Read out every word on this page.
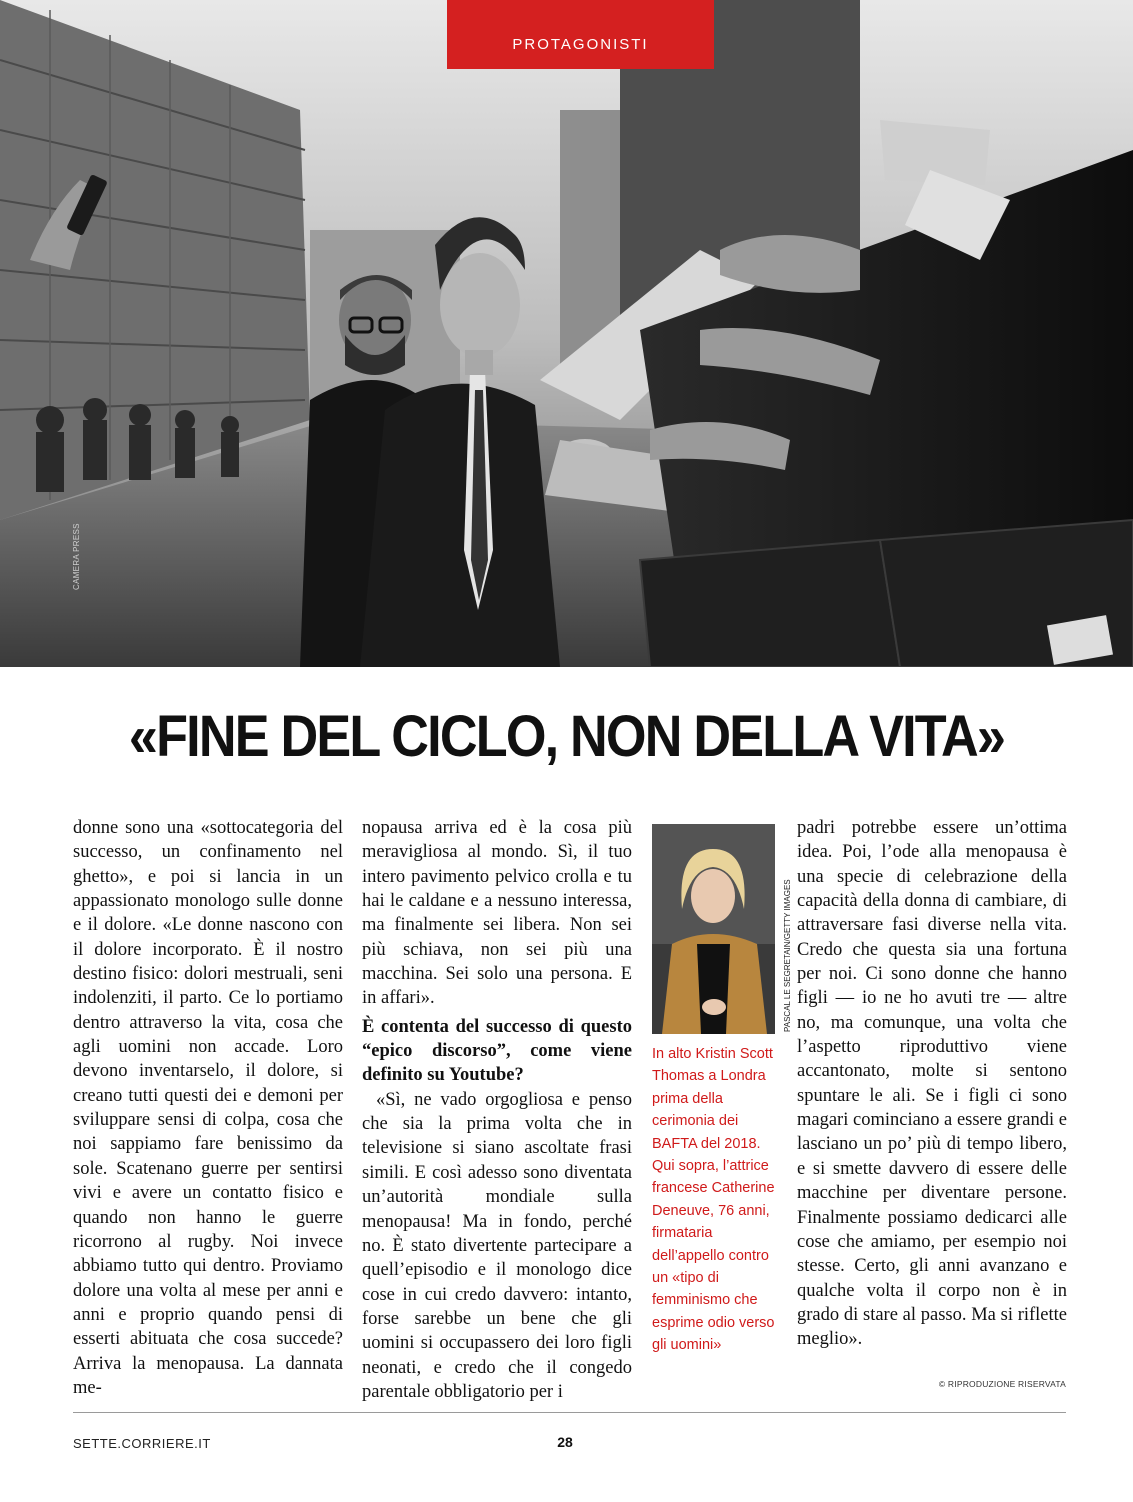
PROTAGONISTI
CAMERA PRESS
«FINE DEL CICLO, NON DELLA VITA»

donne sono una «sottocategoria del successo, un confinamento nel ghetto», e poi si lancia in un appassionato monologo sulle donne e il dolore. «Le donne nascono con il dolore incorporato. È il nostro destino fisico: dolori mestruali, seni indolenziti, il parto. Ce lo portiamo dentro attraverso la vita, cosa che agli uomini non accade. Loro devono inventarselo, il dolore, si creano tutti questi dei e demoni per sviluppare sensi di colpa, cosa che noi sappiamo fare benissimo da sole. Scatenano guerre per sentirsi vivi e avere un contatto fisico e quando non hanno le guerre ricorrono al rugby. Noi invece abbiamo tutto qui dentro. Proviamo dolore una volta al mese per anni e anni e proprio quando pensi di esserti abituata che cosa succede? Arriva la menopausa. La dannata me-

nopausa arriva ed è la cosa più meravigliosa al mondo. Sì, il tuo intero pavimento pelvico crolla e tu hai le caldane e a nessuno interessa, ma finalmente sei libera. Non sei più schiava, non sei più una macchina. Sei solo una persona. E in affari».

È contenta del successo di questo “epico discorso”, come viene definito su Youtube?

«Sì, ne vado orgogliosa e penso che sia la prima volta che in televisione si siano ascoltate frasi simili. E così adesso sono diventata un’autorità mondiale sulla menopausa! Ma in fondo, perché no. È stato divertente partecipare a quell’episodio e il monologo dice cose in cui credo davvero: intanto, forse sarebbe un bene che gli uomini si occupassero dei loro figli neonati, e credo che il congedo parentale obbligatorio per i

PASCAL LE SEGRETAIN/GETTY IMAGES
In alto Kristin Scott Thomas a Londra prima della cerimonia dei BAFTA del 2018. Qui sopra, l’attrice francese Catherine Deneuve, 76 anni, firmataria dell’appello contro un «tipo di femminismo che esprime odio verso gli uomini»

padri potrebbe essere un’ottima idea. Poi, l’ode alla menopausa è una specie di celebrazione della capacità della donna di cambiare, di attraversare fasi diverse nella vita. Credo che questa sia una fortuna per noi. Ci sono donne che hanno figli — io ne ho avuti tre — altre no, ma comunque, una volta che l’aspetto riproduttivo viene accantonato, molte si sentono spuntare le ali. Se i figli ci sono magari cominciano a essere grandi e lasciano un po’ più di tempo libero, e si smette davvero di essere delle macchine per diventare persone. Finalmente possiamo dedicarci alle cose che amiamo, per esempio noi stesse. Certo, gli anni avanzano e qualche volta il corpo non è in grado di stare al passo. Ma si riflette meglio».

© RIPRODUZIONE RISERVATA
SETTE.CORRIERE.IT	28
